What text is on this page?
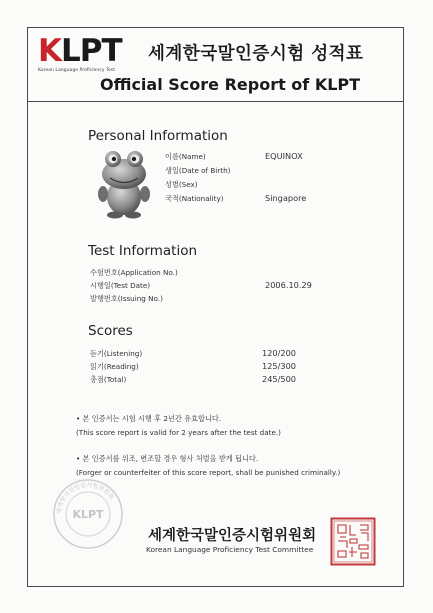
KLPT
Korean Language Proficiency Test
세계한국말인증시험 성적표
Official Score Report of KLPT
Personal Information
이름(Name)	EQUINOX
생일(Date of Birth)
성별(Sex)
국적(Nationality)	Singapore
Test Information
수험번호(Application No.)
시행일(Test Date)	2006.10.29
발행번호(Issuing No.)
Scores
듣기(Listening)	120/200
읽기(Reading)	125/300
총점(Total)	245/500
• 본 인증서는 시험 시행 후 2년간 유효합니다.
(This score report is valid for 2 years after the test date.)
• 본 인증서를 위조, 변조할 경우 형사 처벌을 받게 됩니다.
(Forger or counterfeiter of this score report, shall be punished criminally.)
세계한국말인증시험위원회
KLPT
세계한국말인증시험위원회
Korean Language Proficiency Test Committee
